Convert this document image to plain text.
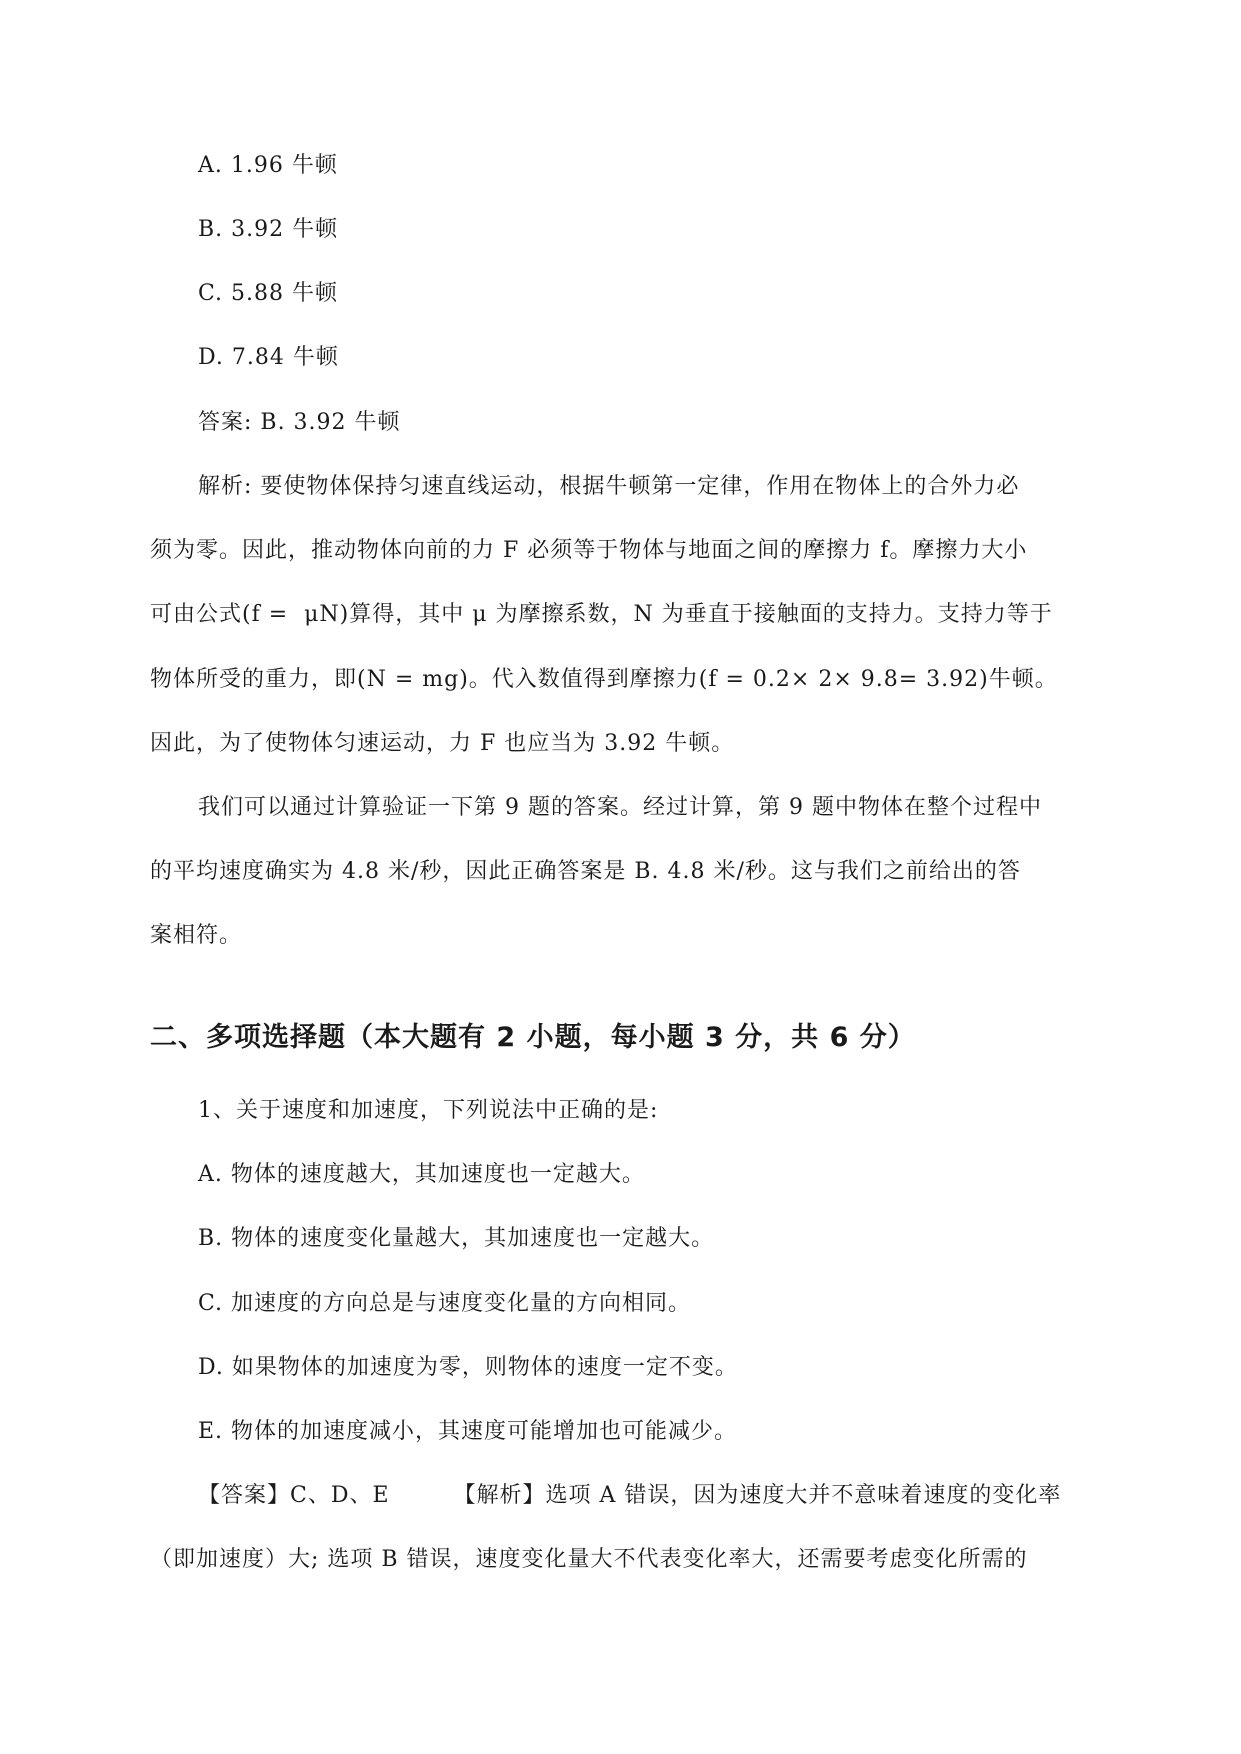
A. 1.96 牛顿
B. 3.92 牛顿
C. 5.88 牛顿
D. 7.84 牛顿
答案: B. 3.92 牛顿
解析: 要使物体保持匀速直线运动，根据牛顿第一定律，作用在物体上的合外力必
须为零。因此，推动物体向前的力 F 必须等于物体与地面之间的摩擦力 f。摩擦力大小
可由公式(f =  μN)算得，其中 μ 为摩擦系数，N 为垂直于接触面的支持力。支持力等于
物体所受的重力，即(N = mg)。代入数值得到摩擦力(f = 0.2× 2× 9.8= 3.92)牛顿。
因此，为了使物体匀速运动，力 F 也应当为 3.92 牛顿。
我们可以通过计算验证一下第 9 题的答案。经过计算，第 9 题中物体在整个过程中
的平均速度确实为 4.8 米/秒，因此正确答案是 B. 4.8 米/秒。这与我们之前给出的答
案相符。
二、多项选择题（本大题有 2 小题，每小题 3 分，共 6 分）
1、关于速度和加速度，下列说法中正确的是:
A. 物体的速度越大，其加速度也一定越大。
B. 物体的速度变化量越大，其加速度也一定越大。
C. 加速度的方向总是与速度变化量的方向相同。
D. 如果物体的加速度为零，则物体的速度一定不变。
E. 物体的加速度减小，其速度可能增加也可能减少。
【答案】C、D、E        【解析】选项 A 错误，因为速度大并不意味着速度的变化率
（即加速度）大; 选项 B 错误，速度变化量大不代表变化率大，还需要考虑变化所需的
